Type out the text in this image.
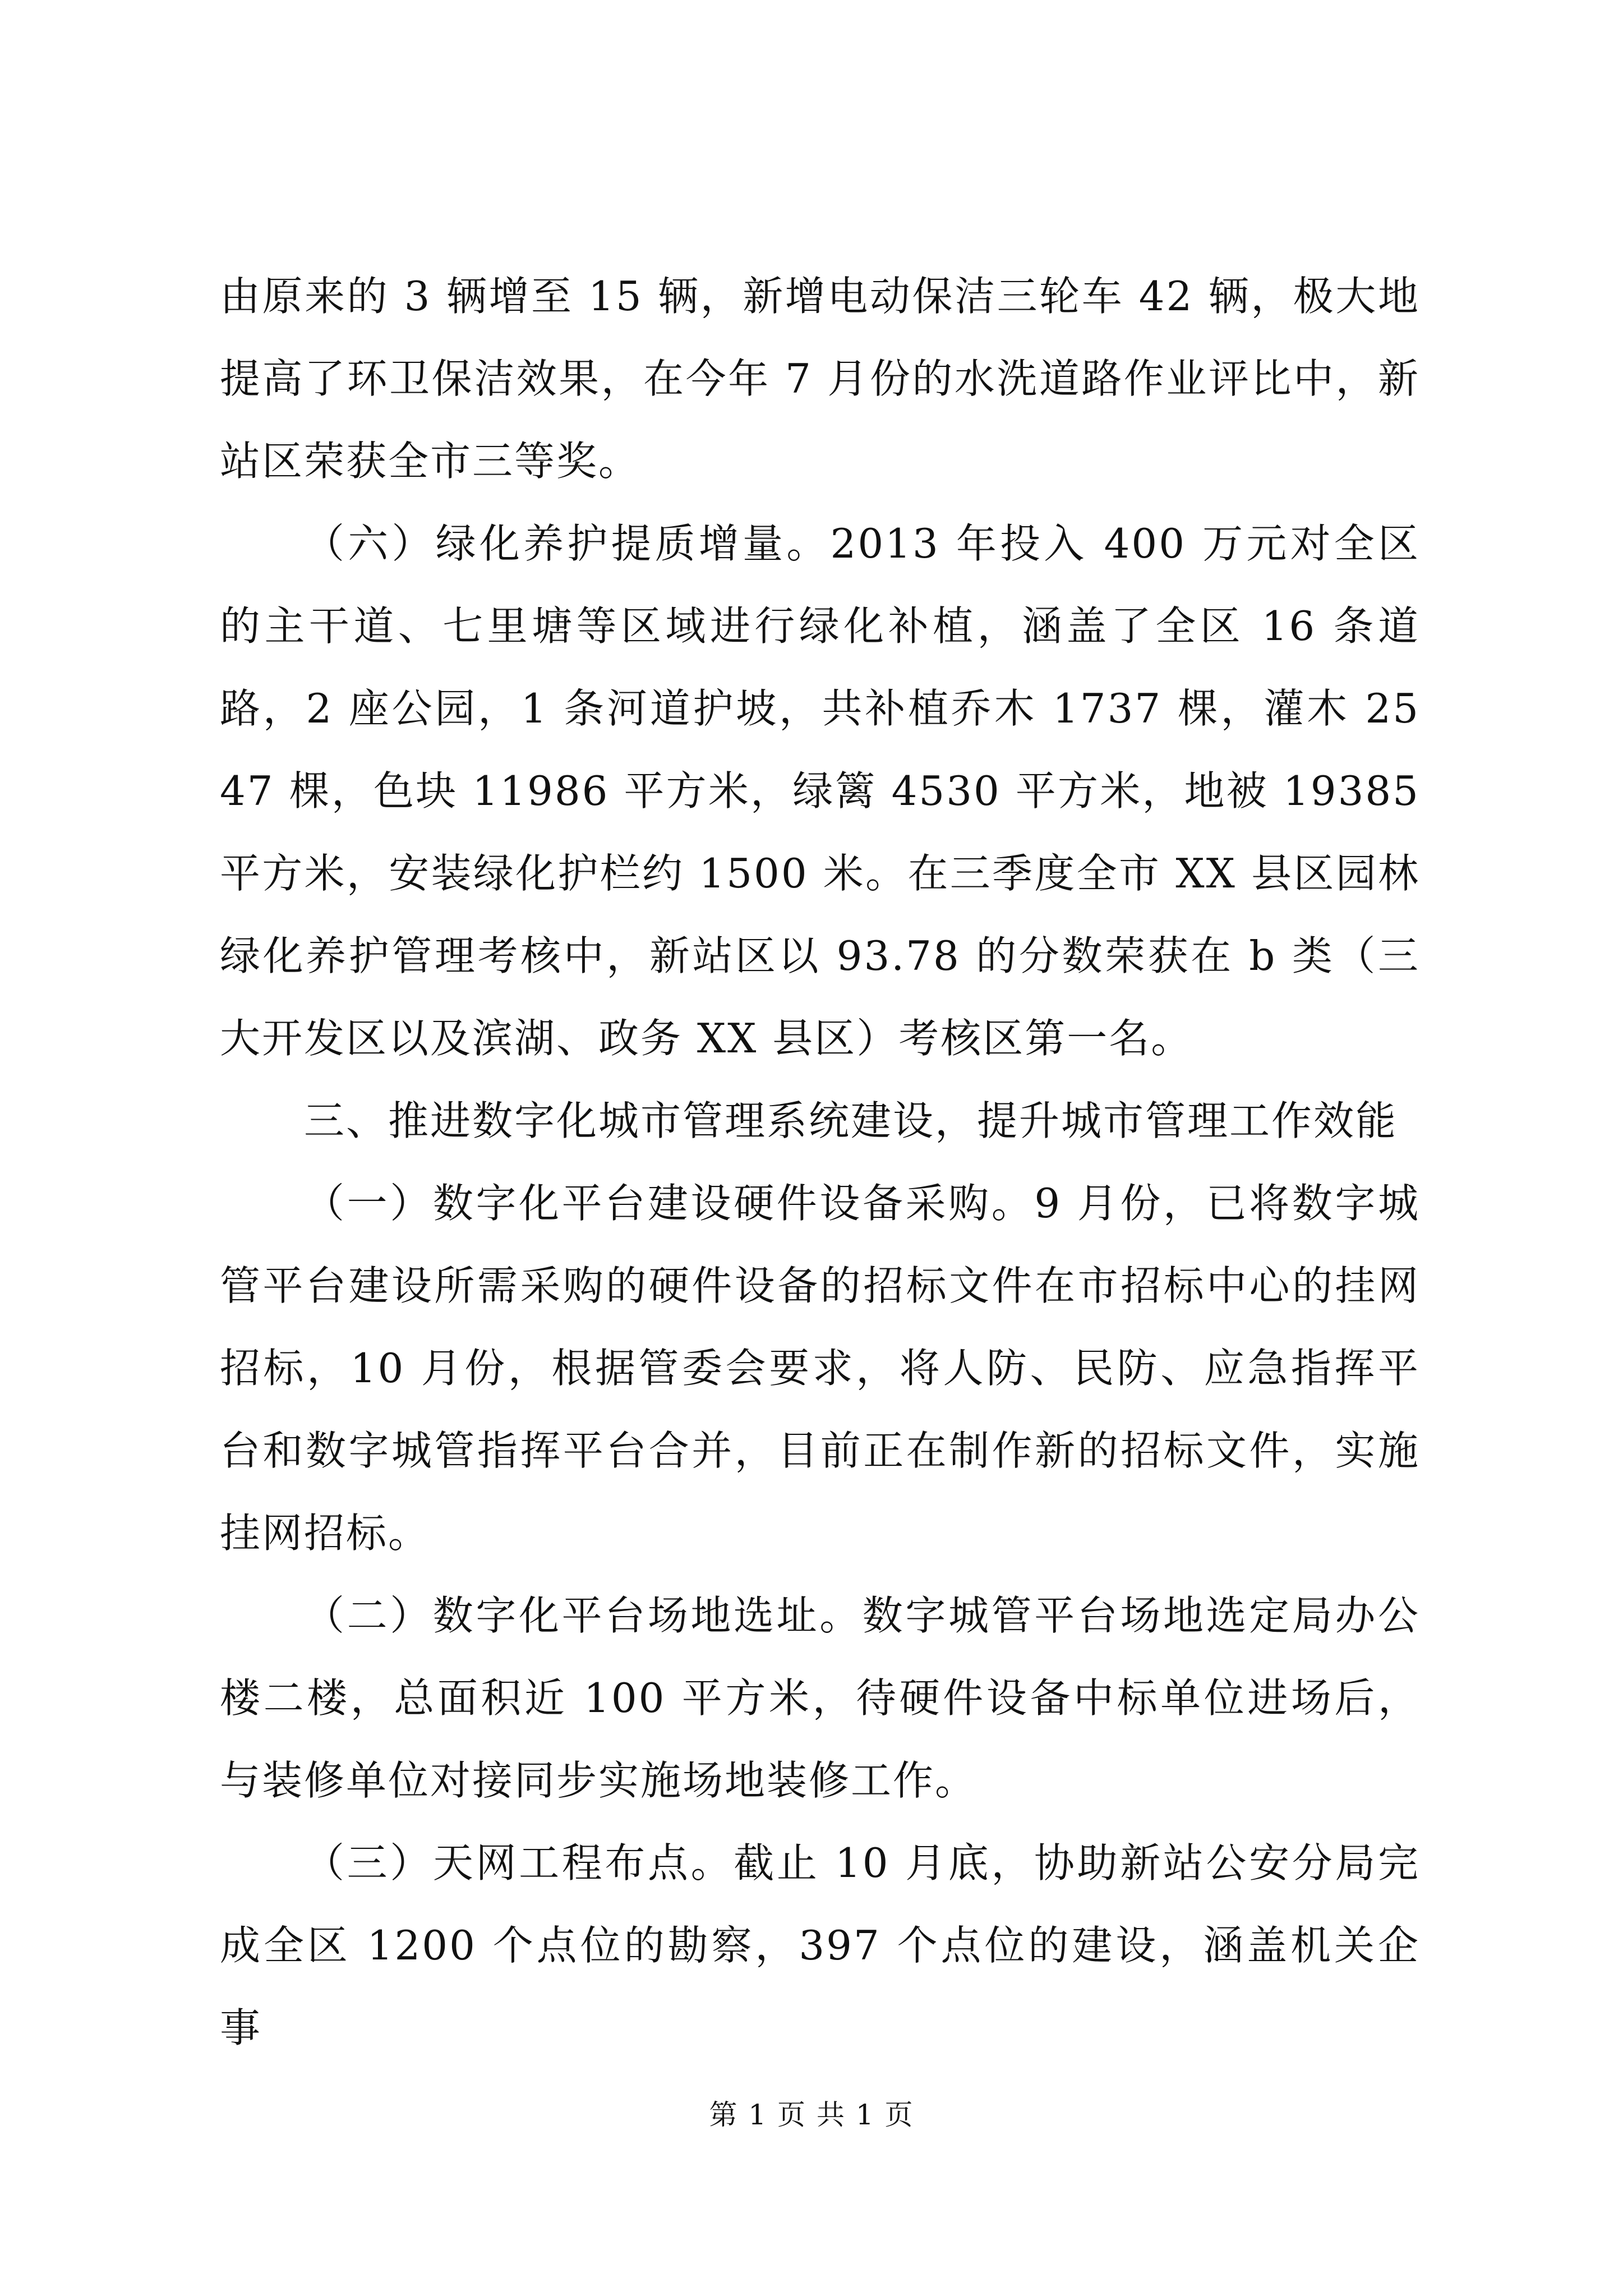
由原来的 3 辆增至 15 辆，新增电动保洁三轮车 42 辆，极大地提高了环卫保洁效果，在今年 7 月份的水洗道路作业评比中，新站区荣获全市三等奖。

（六）绿化养护提质增量。2013 年投入 400 万元对全区的主干道、七里塘等区域进行绿化补植，涵盖了全区 16 条道路，2 座公园，1 条河道护坡，共补植乔木 1737 棵，灌木 2547 棵，色块 11986 平方米，绿篱 4530 平方米，地被 19385 平方米，安装绿化护栏约 1500 米。在三季度全市 XX 县区园林绿化养护管理考核中，新站区以 93.78 的分数荣获在 b 类（三大开发区以及滨湖、政务 XX 县区）考核区第一名。

三、推进数字化城市管理系统建设，提升城市管理工作效能

（一）数字化平台建设硬件设备采购。9 月份，已将数字城管平台建设所需采购的硬件设备的招标文件在市招标中心的挂网招标，10 月份，根据管委会要求，将人防、民防、应急指挥平台和数字城管指挥平台合并，目前正在制作新的招标文件，实施挂网招标。

（二）数字化平台场地选址。数字城管平台场地选定局办公楼二楼，总面积近 100 平方米，待硬件设备中标单位进场后，与装修单位对接同步实施场地装修工作。

（三）天网工程布点。截止 10 月底，协助新站公安分局完成全区 1200 个点位的勘察，397 个点位的建设，涵盖机关企事

第 1 页 共 1 页
